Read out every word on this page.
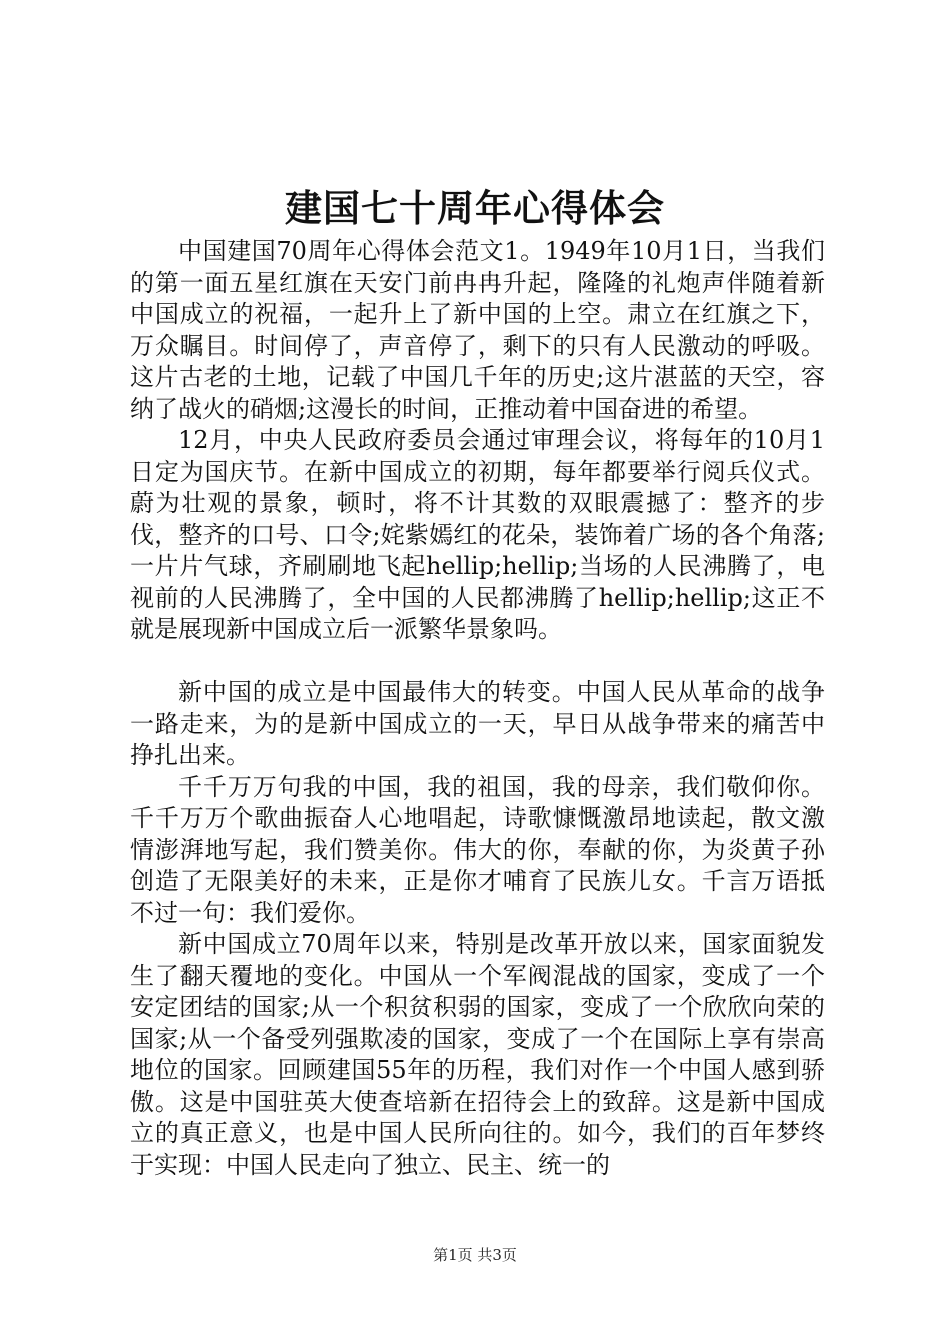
建国七十周年心得体会

中国建国70周年心得体会范文1。1949年10月1日，当我们的第一面五星红旗在天安门前冉冉升起，隆隆的礼炮声伴随着新中国成立的祝福，一起升上了新中国的上空。肃立在红旗之下，万众瞩目。时间停了，声音停了，剩下的只有人民激动的呼吸。这片古老的土地，记载了中国几千年的历史;这片湛蓝的天空，容纳了战火的硝烟;这漫长的时间，正推动着中国奋进的希望。

12月，中央人民政府委员会通过审理会议，将每年的10月1日定为国庆节。在新中国成立的初期，每年都要举行阅兵仪式。蔚为壮观的景象，顿时，将不计其数的双眼震撼了：整齐的步伐，整齐的口号、口令;姹紫嫣红的花朵，装饰着广场的各个角落;一片片气球，齐刷刷地飞起hellip;hellip;当场的人民沸腾了，电视前的人民沸腾了，全中国的人民都沸腾了hellip;hellip;这正不就是展现新中国成立后一派繁华景象吗。

新中国的成立是中国最伟大的转变。中国人民从革命的战争一路走来，为的是新中国成立的一天，早日从战争带来的痛苦中挣扎出来。

千千万万句我的中国，我的祖国，我的母亲，我们敬仰你。千千万万个歌曲振奋人心地唱起，诗歌慷慨激昂地读起，散文激情澎湃地写起，我们赞美你。伟大的你，奉献的你，为炎黄子孙创造了无限美好的未来，正是你才哺育了民族儿女。千言万语抵不过一句：我们爱你。

新中国成立70周年以来，特别是改革开放以来，国家面貌发生了翻天覆地的变化。中国从一个军阀混战的国家，变成了一个安定团结的国家;从一个积贫积弱的国家，变成了一个欣欣向荣的国家;从一个备受列强欺凌的国家，变成了一个在国际上享有崇高地位的国家。回顾建国55年的历程，我们对作一个中国人感到骄傲。这是中国驻英大使查培新在招待会上的致辞。这是新中国成立的真正意义，也是中国人民所向往的。如今，我们的百年梦终于实现：中国人民走向了独立、民主、统一的

第1页 共3页
